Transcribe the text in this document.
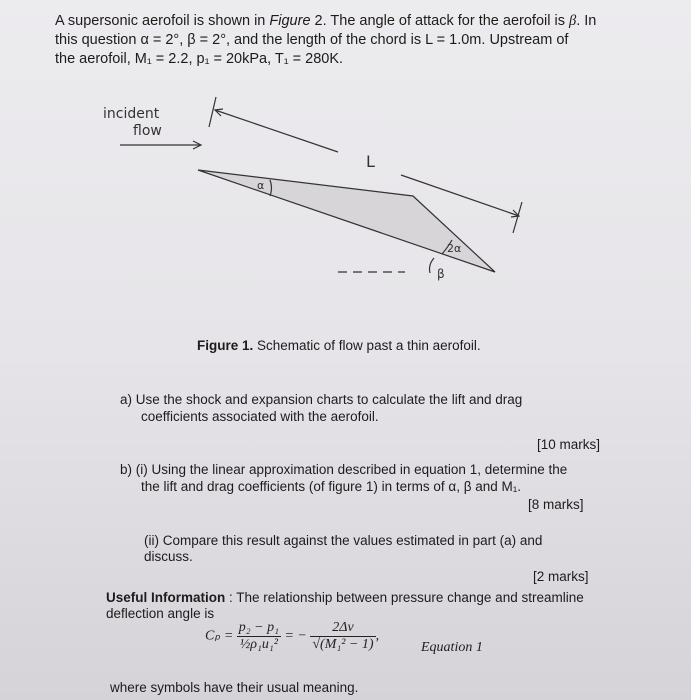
A supersonic aerofoil is shown in Figure 2. The angle of attack for the aerofoil is β. In
this question α = 2°, β = 2°, and the length of the chord is L = 1.0m. Upstream of
the aerofoil, M₁ = 2.2, p₁ = 20kPa, T₁ = 280K.
incident
flow
L
α
2α
β
Figure 1. Schematic of flow past a thin aerofoil.
a) Use the shock and expansion charts to calculate the lift and drag
coefficients associated with the aerofoil.
[10 marks]
b) (i) Using the linear approximation described in equation 1, determine the
the lift and drag coefficients (of figure 1) in terms of α, β and M₁.
[8 marks]
(ii) Compare this result against the values estimated in part (a) and
discuss.
[2 marks]
Useful Information : The relationship between pressure change and streamline
deflection angle is
$C_p = \frac{\text{p₂ − p₁}}{\text{½ρ₁u₁²}}$ = − $\frac{2\Delta\nu}{\text{√(M₁² − 1)}}$ ,
Equation 1
where symbols have their usual meaning.
